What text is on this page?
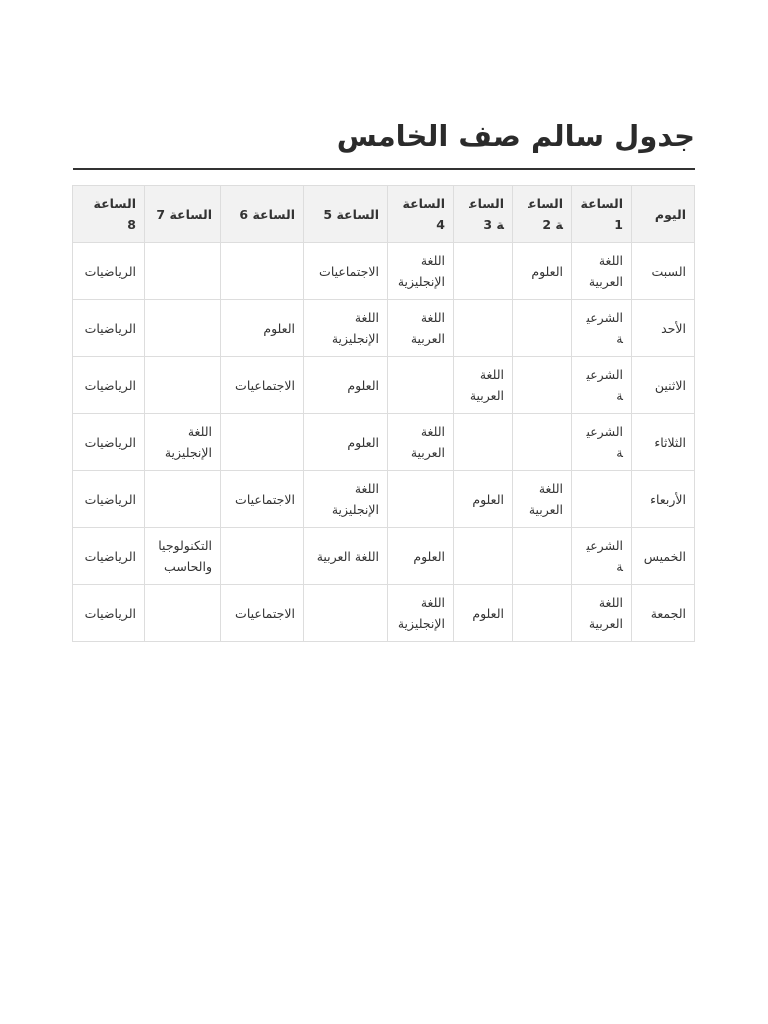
جدول سالم صف الخامس
اليوم	الساعة 1	الساعة 2	الساعة 3	الساعة 4	الساعة 5	الساعة 6	الساعة 7	الساعة 8
السبت	اللغة العربية	العلوم		اللغة الإنجليزية	الاجتماعيات			الرياضيات
الأحد	الشرعية			اللغة العربية	اللغة الإنجليزية	العلوم		الرياضيات
الاثنين	الشرعية		اللغة العربية		العلوم	الاجتماعيات		الرياضيات
الثلاثاء	الشرعية			اللغة العربية	العلوم		اللغة الإنجليزية	الرياضيات
الأربعاء		اللغة العربية	العلوم		اللغة الإنجليزية	الاجتماعيات		الرياضيات
الخميس	الشرعية			العلوم	اللغة العربية		التكنولوجيا والحاسب	الرياضيات
الجمعة	اللغة العربية		العلوم	اللغة الإنجليزية		الاجتماعيات		الرياضيات
